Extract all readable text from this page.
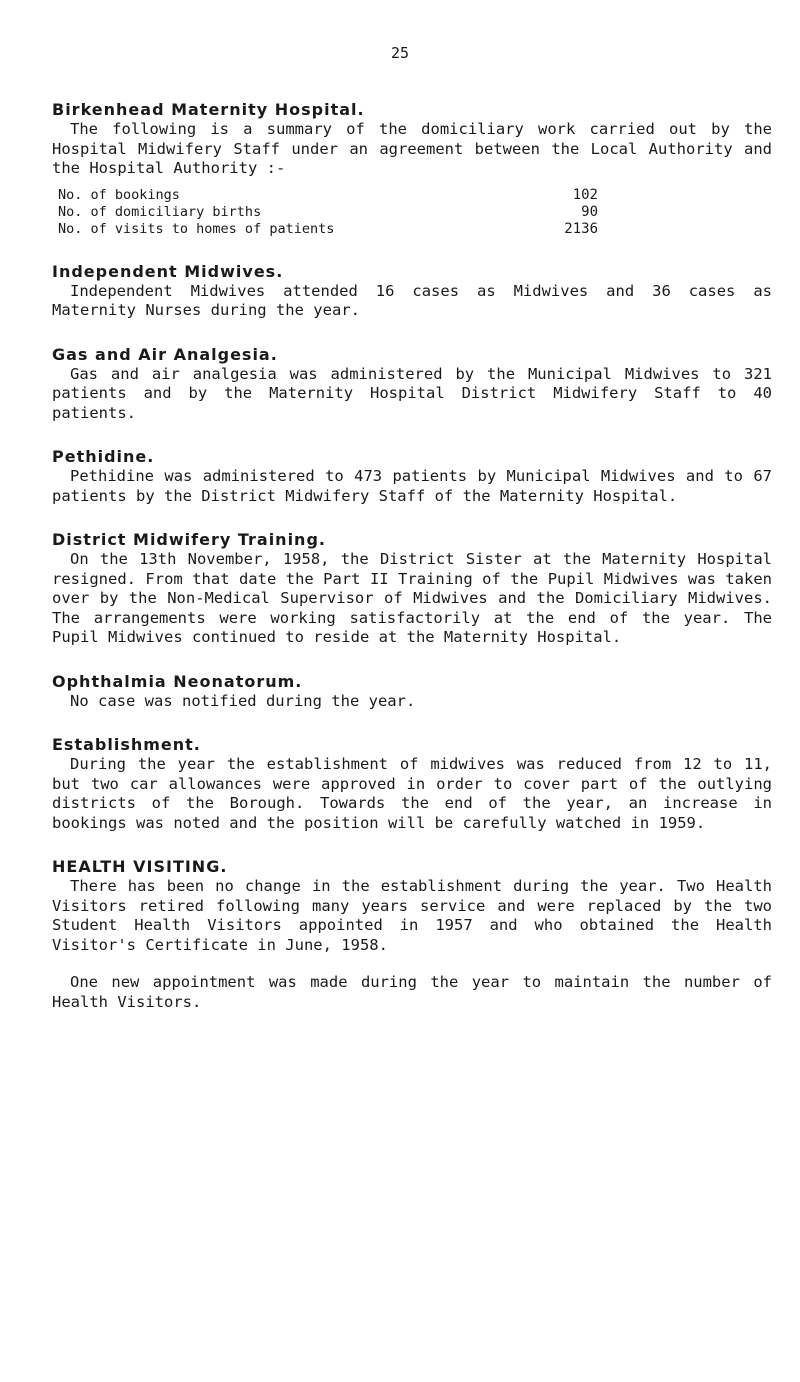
25
Birkenhead Maternity Hospital.

The following is a summary of the domiciliary work carried out by the Hospital Midwifery Staff under an agreement between the Local Authority and the Hospital Authority :-

No. of bookings	102
No. of domiciliary births	90
No. of visits to homes of patients	2136
Independent Midwives.

Independent Midwives attended 16 cases as Midwives and 36 cases as Maternity Nurses during the year.

Gas and Air Analgesia.

Gas and air analgesia was administered by the Municipal Midwives to 321 patients and by the Maternity Hospital District Midwifery Staff to 40 patients.

Pethidine.

Pethidine was administered to 473 patients by Municipal Midwives and to 67 patients by the District Midwifery Staff of the Maternity Hospital.

District Midwifery Training.

On the 13th November, 1958, the District Sister at the Maternity Hospital resigned. From that date the Part II Training of the Pupil Midwives was taken over by the Non-Medical Supervisor of Midwives and the Domiciliary Midwives. The arrangements were working satisfactorily at the end of the year. The Pupil Midwives continued to reside at the Maternity Hospital.

Ophthalmia Neonatorum.

No case was notified during the year.

Establishment.

During the year the establishment of midwives was reduced from 12 to 11, but two car allowances were approved in order to cover part of the outlying districts of the Borough. Towards the end of the year, an increase in bookings was noted and the position will be carefully watched in 1959.

HEALTH VISITING.

There has been no change in the establishment during the year. Two Health Visitors retired following many years service and were replaced by the two Student Health Visitors appointed in 1957 and who obtained the Health Visitor's Certificate in June, 1958.

One new appointment was made during the year to maintain the number of Health Visitors.
